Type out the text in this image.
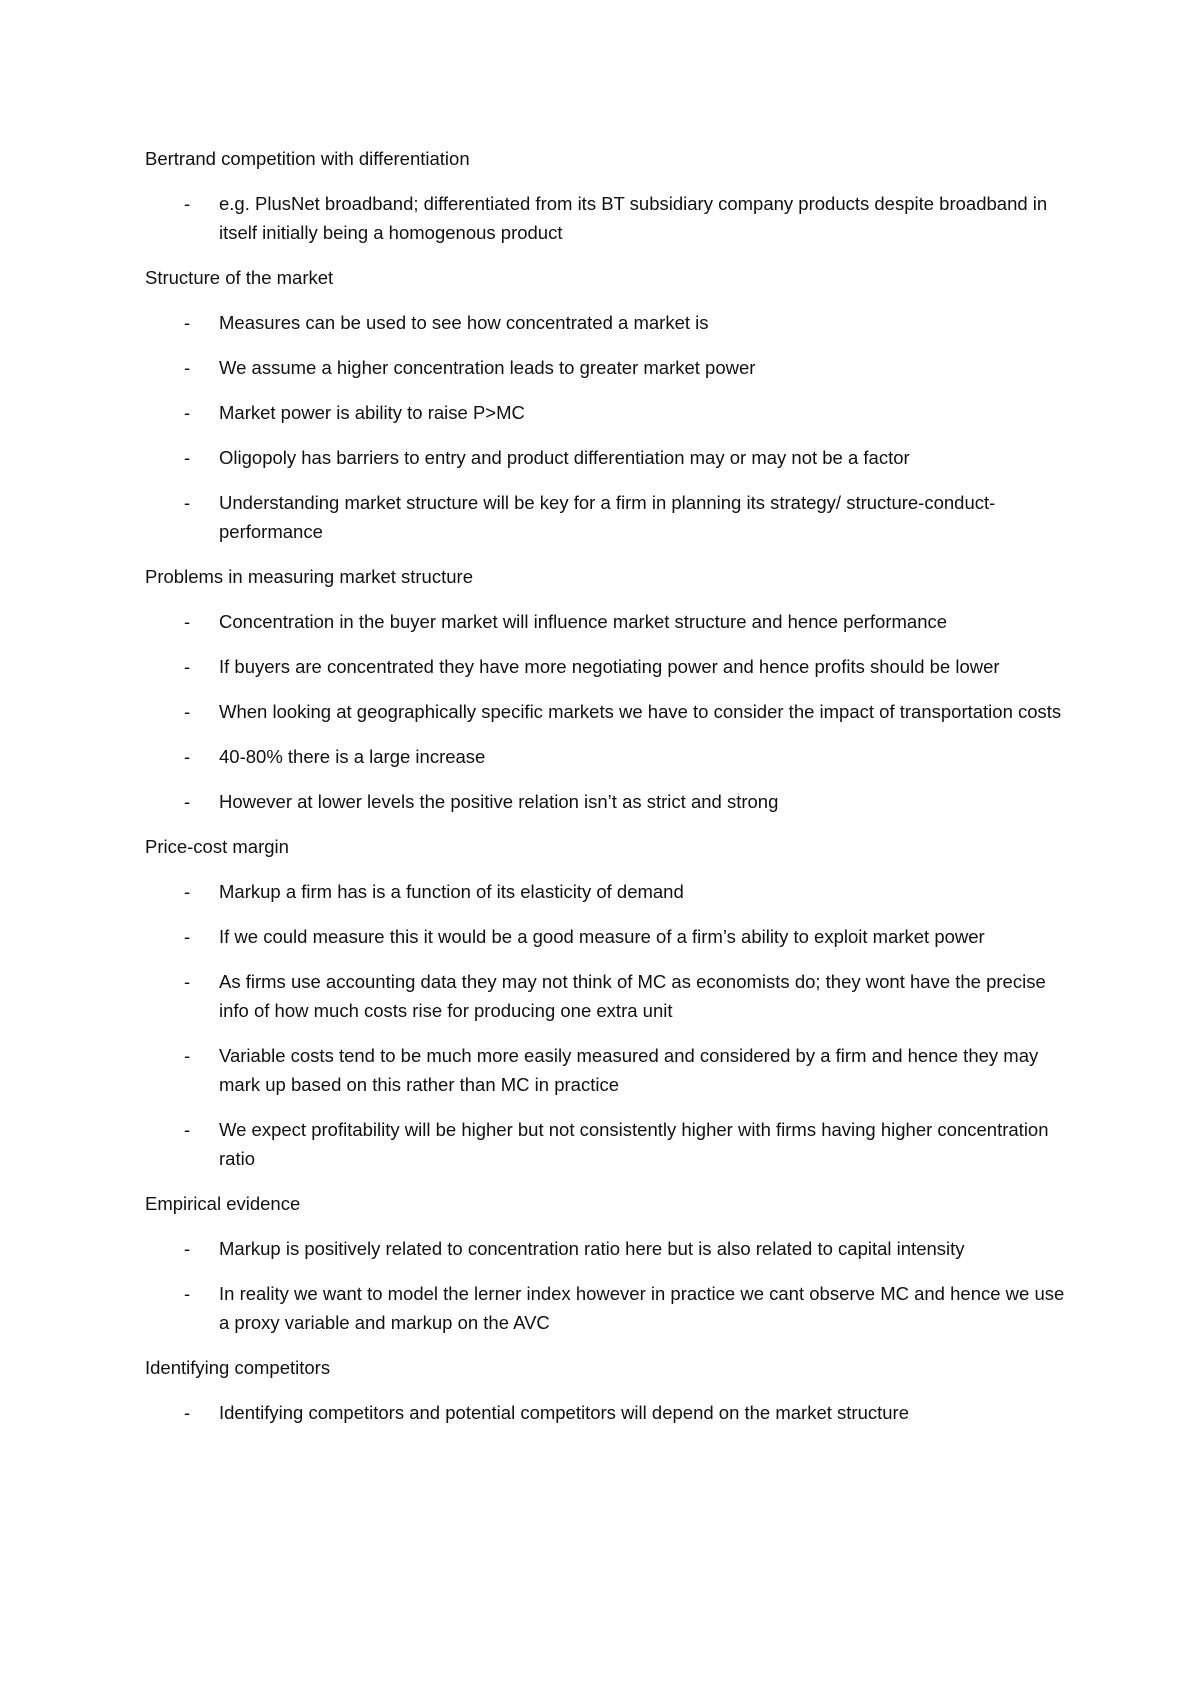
Bertrand competition with differentiation

- e.g. PlusNet broadband; differentiated from its BT subsidiary company products despite broadband in itself initially being a homogenous product

Structure of the market

- Measures can be used to see how concentrated a market is
- We assume a higher concentration leads to greater market power
- Market power is ability to raise P>MC
- Oligopoly has barriers to entry and product differentiation may or may not be a factor
- Understanding market structure will be key for a firm in planning its strategy/ structure-conduct-performance

Problems in measuring market structure

- Concentration in the buyer market will influence market structure and hence performance
- If buyers are concentrated they have more negotiating power and hence profits should be lower
- When looking at geographically specific markets we have to consider the impact of transportation costs
- 40-80% there is a large increase
- However at lower levels the positive relation isn’t as strict and strong

Price-cost margin

- Markup a firm has is a function of its elasticity of demand
- If we could measure this it would be a good measure of a firm’s ability to exploit market power
- As firms use accounting data they may not think of MC as economists do; they wont have the precise info of how much costs rise for producing one extra unit
- Variable costs tend to be much more easily measured and considered by a firm and hence they may mark up based on this rather than MC in practice
- We expect profitability will be higher but not consistently higher with firms having higher concentration ratio

Empirical evidence

- Markup is positively related to concentration ratio here but is also related to capital intensity
- In reality we want to model the lerner index however in practice we cant observe MC and hence we use a proxy variable and markup on the AVC

Identifying competitors

- Identifying competitors and potential competitors will depend on the market structure
